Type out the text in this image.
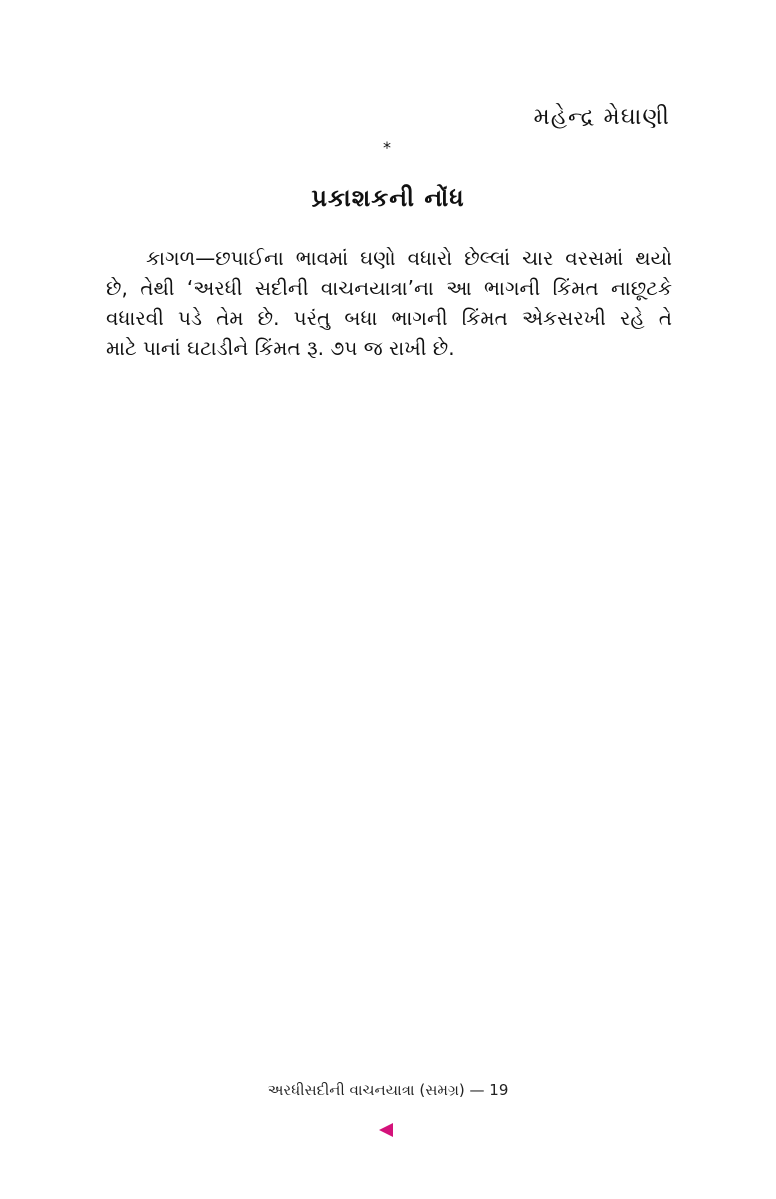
મહેન્દ્ર મેઘાણી
*
પ્રકાશકની નોંધ
કાગળ—છપાઈના ભાવમાં ઘણો વધારો છેલ્લાં ચાર વરસમાં થયો
છે, તેથી ‘અરધી સદીની વાચનયાત્રા’ના આ ભાગની કિંમત નાછૂટકે
વધારવી પડે તેમ છે. પરંતુ બધા ભાગની કિંમત એકસરખી રહે તે
માટે પાનાં ઘટાડીને કિંમત રૂ. ૭૫ જ રાખી છે.
અરધીસદીની વાચનયાત્રા (સમગ્ર) — 19
